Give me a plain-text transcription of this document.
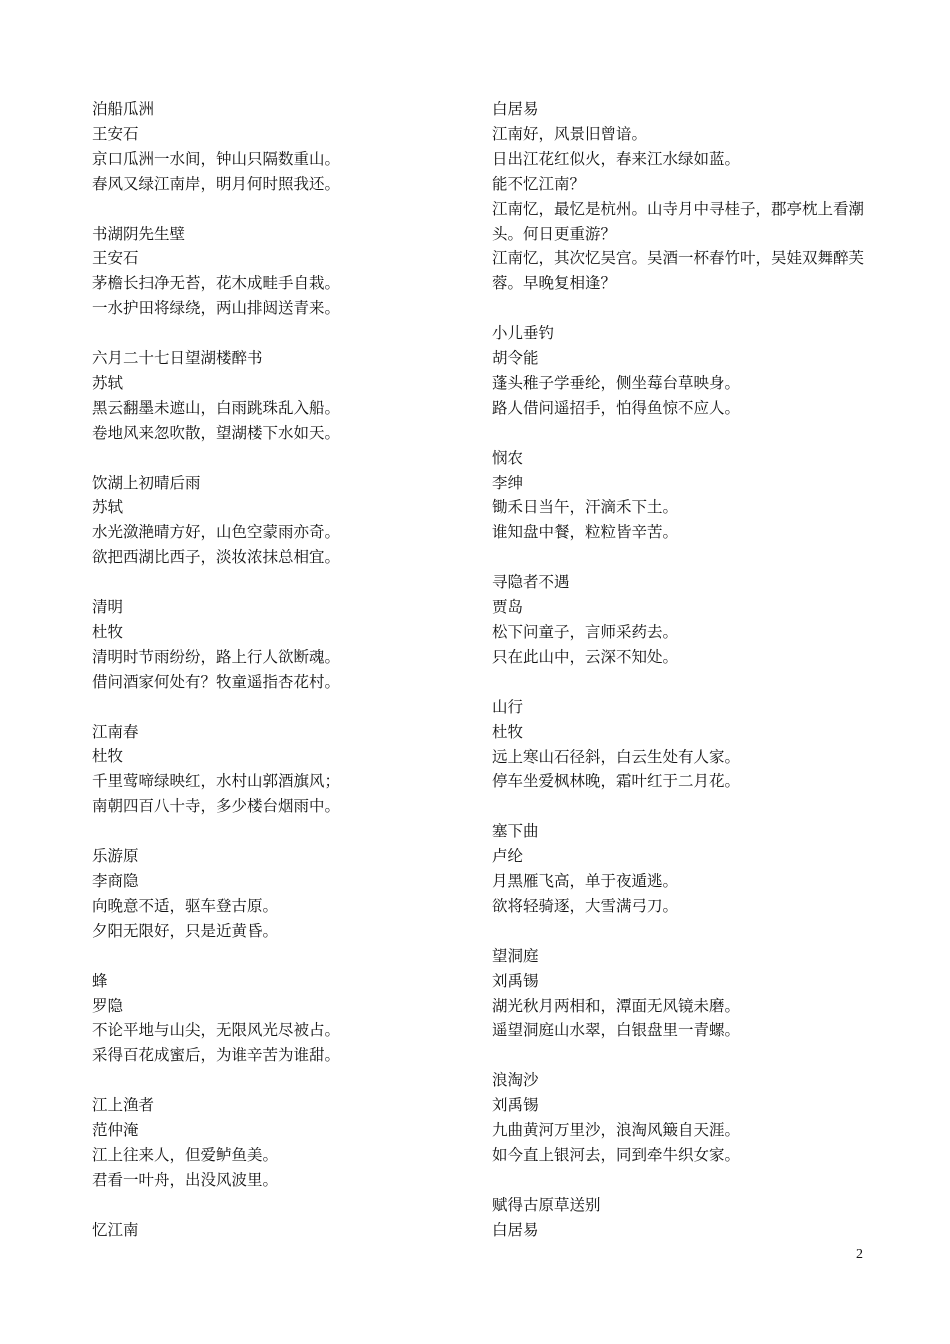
泊船瓜洲
王安石
京口瓜洲一水间，钟山只隔数重山。
春风又绿江南岸，明月何时照我还。
书湖阴先生壁
王安石
茅檐长扫净无苔，花木成畦手自栽。
一水护田将绿绕，两山排闼送青来。
六月二十七日望湖楼醉书
苏轼
黑云翻墨未遮山，白雨跳珠乱入船。
卷地风来忽吹散，望湖楼下水如天。
饮湖上初晴后雨
苏轼
水光潋滟晴方好，山色空蒙雨亦奇。
欲把西湖比西子，淡妆浓抹总相宜。
清明
杜牧
清明时节雨纷纷，路上行人欲断魂。
借问酒家何处有？牧童遥指杏花村。
江南春
杜牧
千里莺啼绿映红，水村山郭酒旗风；
南朝四百八十寺，多少楼台烟雨中。
乐游原
李商隐
向晚意不适，驱车登古原。
夕阳无限好，只是近黄昏。
蜂
罗隐
不论平地与山尖，无限风光尽被占。
采得百花成蜜后，为谁辛苦为谁甜。
江上渔者
范仲淹
江上往来人，但爱鲈鱼美。
君看一叶舟，出没风波里。
忆江南
白居易
江南好，风景旧曾谙。
日出江花红似火，春来江水绿如蓝。
能不忆江南？
江南忆，最忆是杭州。山寺月中寻桂子，郡亭枕上看潮头。何日更重游？
江南忆，其次忆吴宫。吴酒一杯春竹叶，吴娃双舞醉芙蓉。早晚复相逢？
小儿垂钓
胡令能
蓬头稚子学垂纶，侧坐莓台草映身。
路人借问遥招手，怕得鱼惊不应人。
悯农
李绅
锄禾日当午，汗滴禾下土。
谁知盘中餐，粒粒皆辛苦。
寻隐者不遇
贾岛
松下问童子，言师采药去。
只在此山中，云深不知处。
山行
杜牧
远上寒山石径斜，白云生处有人家。
停车坐爱枫林晚，霜叶红于二月花。
塞下曲
卢纶
月黑雁飞高，单于夜遁逃。
欲将轻骑逐，大雪满弓刀。
望洞庭
刘禹锡
湖光秋月两相和，潭面无风镜未磨。
遥望洞庭山水翠，白银盘里一青螺。
浪淘沙
刘禹锡
九曲黄河万里沙，浪淘风簸自天涯。
如今直上银河去，同到牵牛织女家。
赋得古原草送别
白居易
2
